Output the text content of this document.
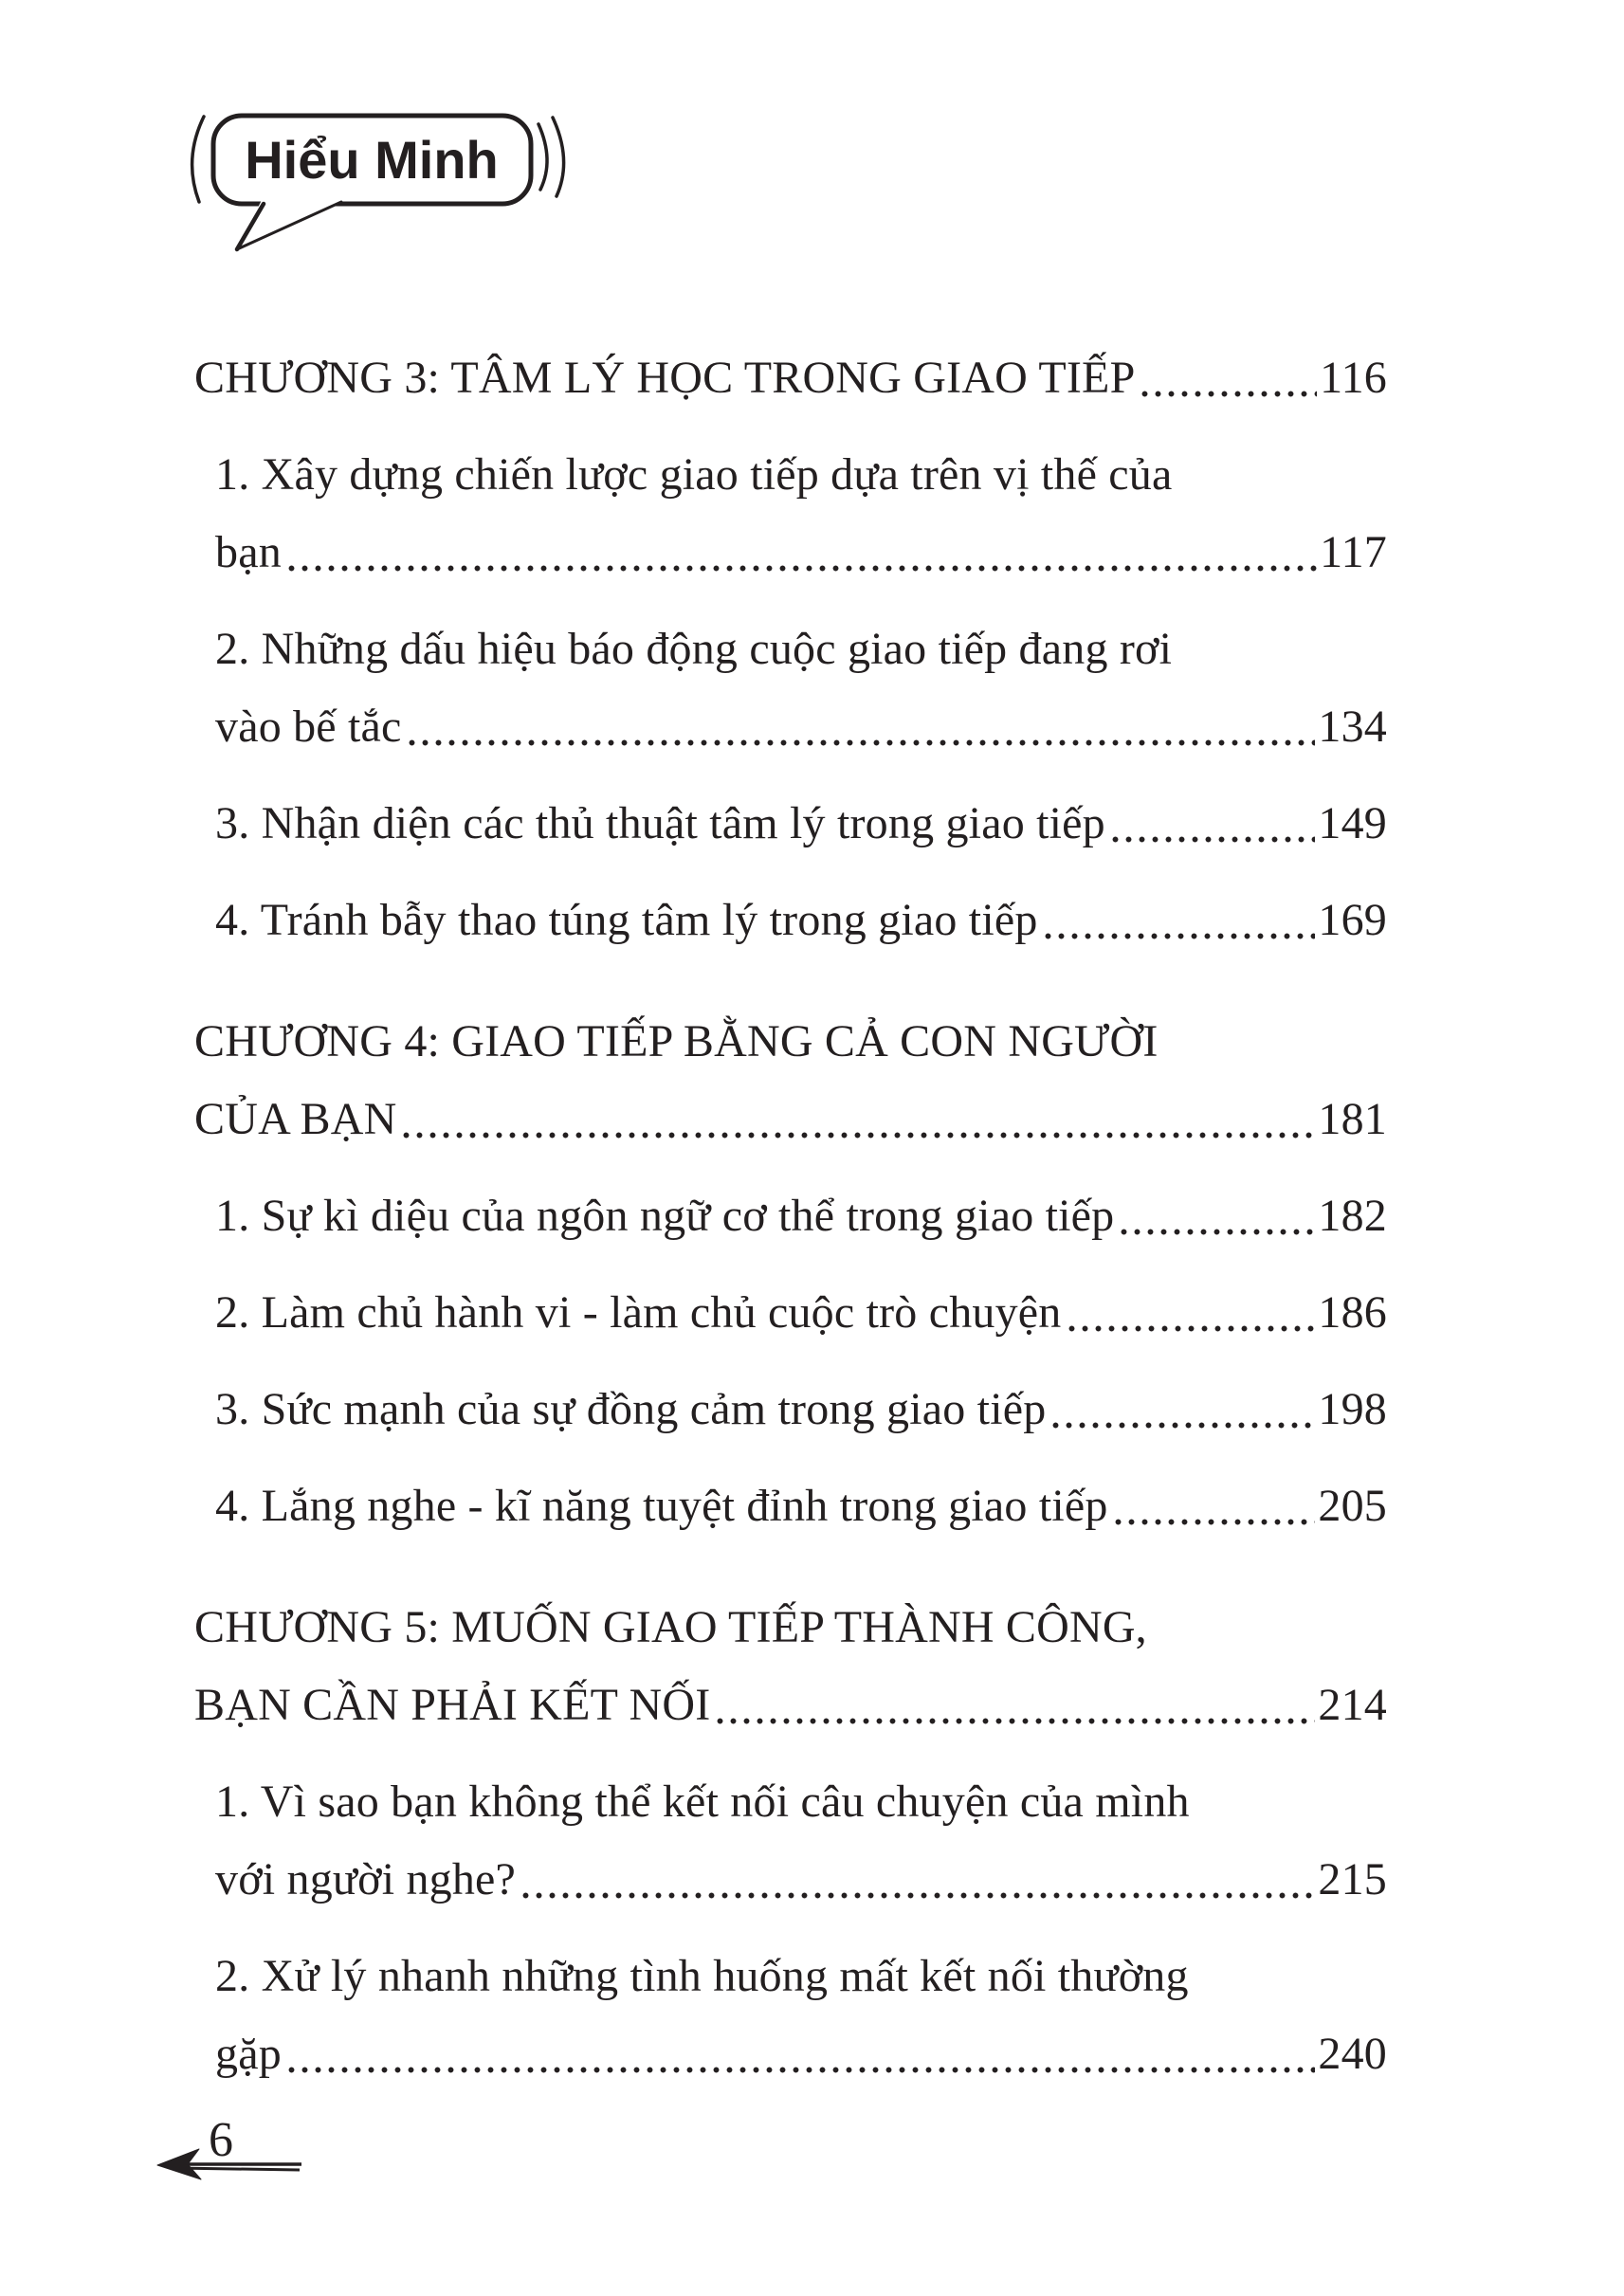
Hiểu Minh
CHƯƠNG 3: TÂM LÝ HỌC TRONG GIAO TIẾP	116
1. Xây dựng chiến lược giao tiếp dựa trên vị thế của
bạn	117
2. Những dấu hiệu báo động cuộc giao tiếp đang rơi
vào bế tắc	134
3. Nhận diện các thủ thuật tâm lý trong giao tiếp	149
4. Tránh bẫy thao túng tâm lý trong giao tiếp	169
CHƯƠNG 4: GIAO TIẾP BẰNG CẢ CON NGƯỜI
CỦA BẠN	181
1. Sự kì diệu của ngôn ngữ cơ thể trong giao tiếp	182
2. Làm chủ hành vi - làm chủ cuộc trò chuyện	186
3. Sức mạnh của sự đồng cảm trong giao tiếp	198
4. Lắng nghe - kĩ năng tuyệt đỉnh trong giao tiếp	205
CHƯƠNG 5: MUỐN GIAO TIẾP THÀNH CÔNG,
BẠN CẦN PHẢI KẾT NỐI	214
1. Vì sao bạn không thể kết nối câu chuyện của mình
với người nghe?	215
2. Xử lý nhanh những tình huống mất kết nối thường
gặp	240
6
